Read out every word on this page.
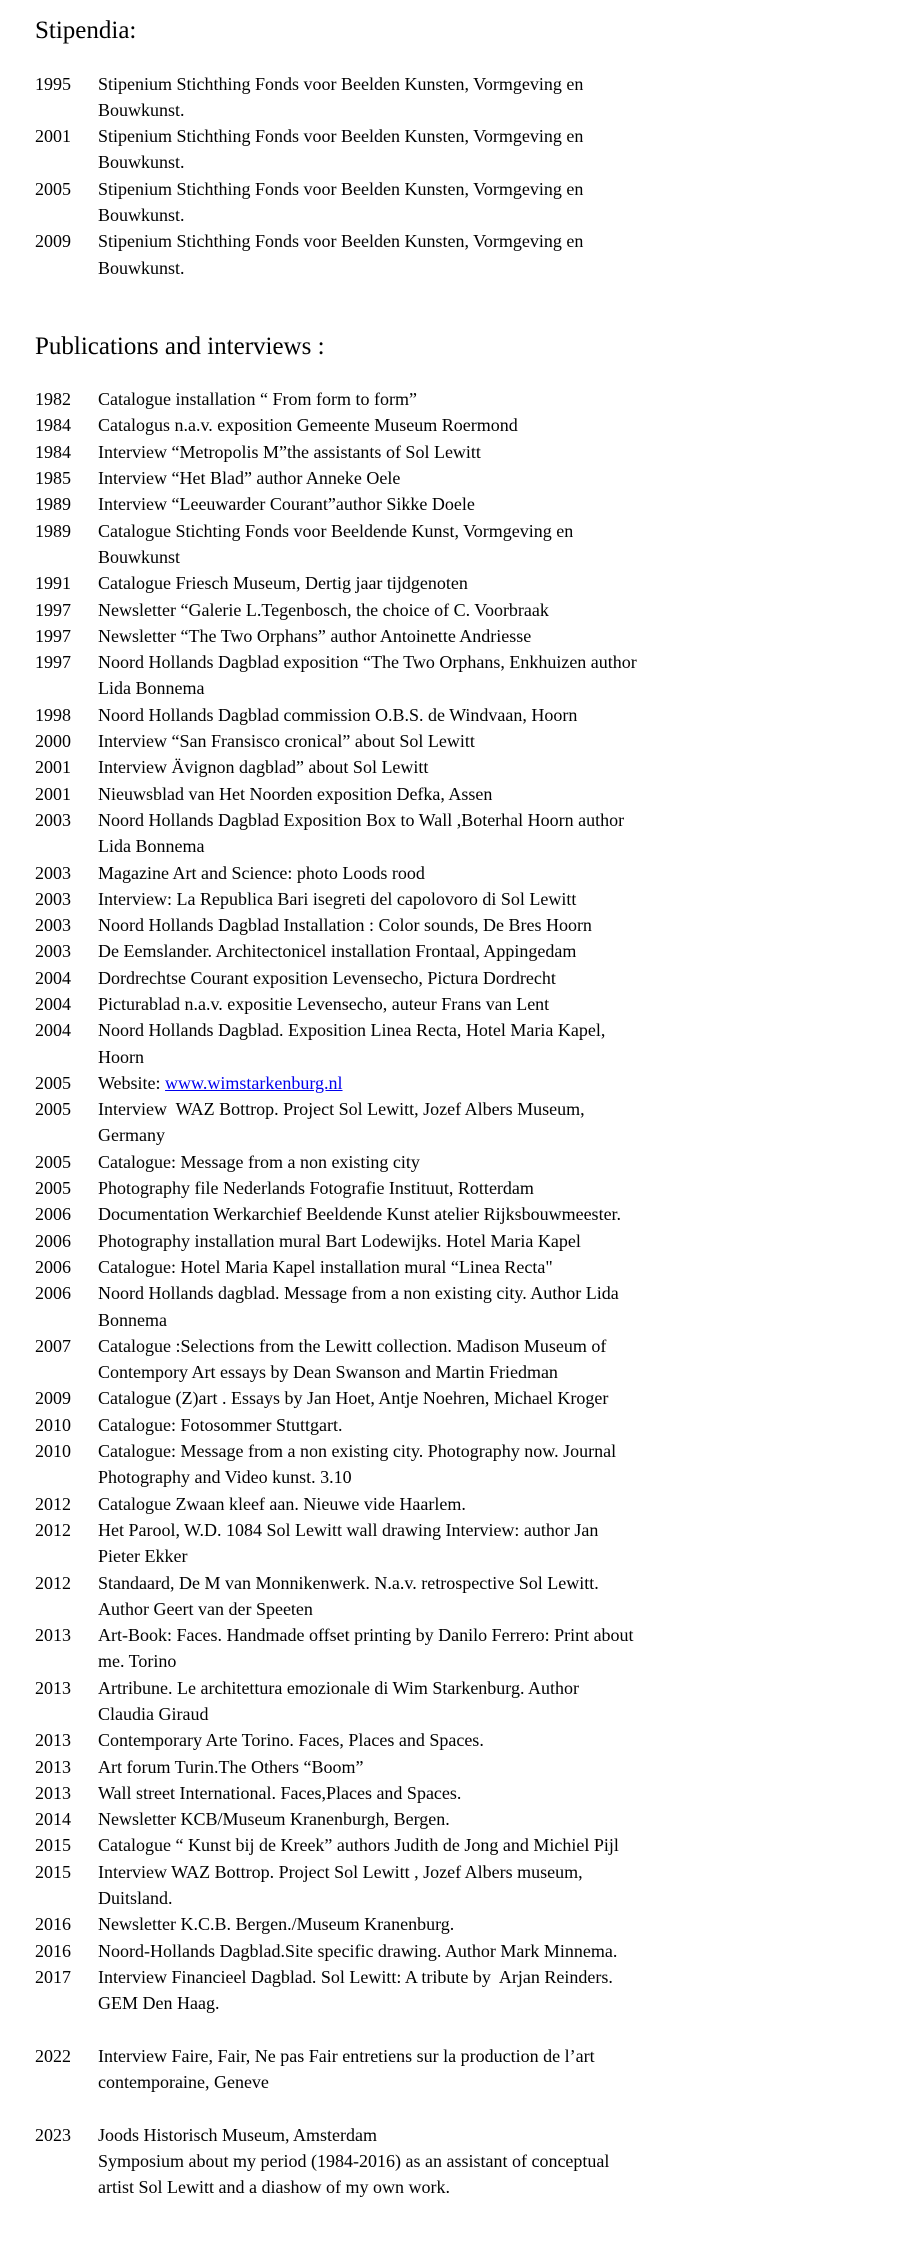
Stipendia:
1995	Stipenium Stichthing Fonds voor Beelden Kunsten, Vormgeving en
Bouwkunst.
2001	Stipenium Stichthing Fonds voor Beelden Kunsten, Vormgeving en
Bouwkunst.
2005	Stipenium Stichthing Fonds voor Beelden Kunsten, Vormgeving en
Bouwkunst.
2009	Stipenium Stichthing Fonds voor Beelden Kunsten, Vormgeving en
Bouwkunst.
Publications and interviews :
1982	Catalogue installation “ From form to form”
1984	Catalogus n.a.v. exposition Gemeente Museum Roermond
1984	Interview “Metropolis M”the assistants of Sol Lewitt
1985	Interview “Het Blad” author Anneke Oele
1989	Interview “Leeuwarder Courant”author Sikke Doele
1989	Catalogue Stichting Fonds voor Beeldende Kunst, Vormgeving en
Bouwkunst
1991	Catalogue Friesch Museum, Dertig jaar tijdgenoten
1997	Newsletter “Galerie L.Tegenbosch, the choice of C. Voorbraak
1997	Newsletter “The Two Orphans” author Antoinette Andriesse
1997	Noord Hollands Dagblad exposition “The Two Orphans, Enkhuizen author
Lida Bonnema
1998	Noord Hollands Dagblad commission O.B.S. de Windvaan, Hoorn
2000	Interview “San Fransisco cronical” about Sol Lewitt
2001	Interview Ävignon dagblad” about Sol Lewitt
2001	Nieuwsblad van Het Noorden exposition Defka, Assen
2003	Noord Hollands Dagblad Exposition Box to Wall ,Boterhal Hoorn author
Lida Bonnema
2003	Magazine Art and Science: photo Loods rood
2003	Interview: La Republica Bari isegreti del capolovoro di Sol Lewitt
2003	Noord Hollands Dagblad Installation : Color sounds, De Bres Hoorn
2003	De Eemslander. Architectonicel installation Frontaal, Appingedam
2004	Dordrechtse Courant exposition Levensecho, Pictura Dordrecht
2004	Picturablad n.a.v. expositie Levensecho, auteur Frans van Lent
2004	Noord Hollands Dagblad. Exposition Linea Recta, Hotel Maria Kapel,
Hoorn
2005	Website: www.wimstarkenburg.nl
2005	Interview  WAZ Bottrop. Project Sol Lewitt, Jozef Albers Museum,
Germany
2005	Catalogue: Message from a non existing city
2005	Photography file Nederlands Fotografie Instituut, Rotterdam
2006	Documentation Werkarchief Beeldende Kunst atelier Rijksbouwmeester.
2006	Photography installation mural Bart Lodewijks. Hotel Maria Kapel
2006	Catalogue: Hotel Maria Kapel installation mural “Linea Recta"
2006	Noord Hollands dagblad. Message from a non existing city. Author Lida
Bonnema
2007	Catalogue :Selections from the Lewitt collection. Madison Museum of
Contempory Art essays by Dean Swanson and Martin Friedman
2009	Catalogue (Z)art . Essays by Jan Hoet, Antje Noehren, Michael Kroger
2010	Catalogue: Fotosommer Stuttgart.
2010	Catalogue: Message from a non existing city. Photography now. Journal
Photography and Video kunst. 3.10
2012	Catalogue Zwaan kleef aan. Nieuwe vide Haarlem.
2012	Het Parool, W.D. 1084 Sol Lewitt wall drawing Interview: author Jan
Pieter Ekker
2012	Standaard, De M van Monnikenwerk. N.a.v. retrospective Sol Lewitt.
Author Geert van der Speeten
2013	Art-Book: Faces. Handmade offset printing by Danilo Ferrero: Print about
me. Torino
2013	Artribune. Le architettura emozionale di Wim Starkenburg. Author
Claudia Giraud
2013	Contemporary Arte Torino. Faces, Places and Spaces.
2013	Art forum Turin.The Others “Boom”
2013	Wall street International. Faces,Places and Spaces.
2014	Newsletter KCB/Museum Kranenburgh, Bergen.
2015	Catalogue “ Kunst bij de Kreek” authors Judith de Jong and Michiel Pijl
2015	Interview WAZ Bottrop. Project Sol Lewitt , Jozef Albers museum,
Duitsland.
2016	Newsletter K.C.B. Bergen./Museum Kranenburg.
2016	Noord-Hollands Dagblad.Site specific drawing. Author Mark Minnema.
2017	Interview Financieel Dagblad. Sol Lewitt: A tribute by  Arjan Reinders.
GEM Den Haag.
2022	Interview Faire, Fair, Ne pas Fair entretiens sur la production de l’art
contemporaine, Geneve
2023	Joods Historisch Museum, Amsterdam
Symposium about my period (1984-2016) as an assistant of conceptual
artist Sol Lewitt and a diashow of my own work.
